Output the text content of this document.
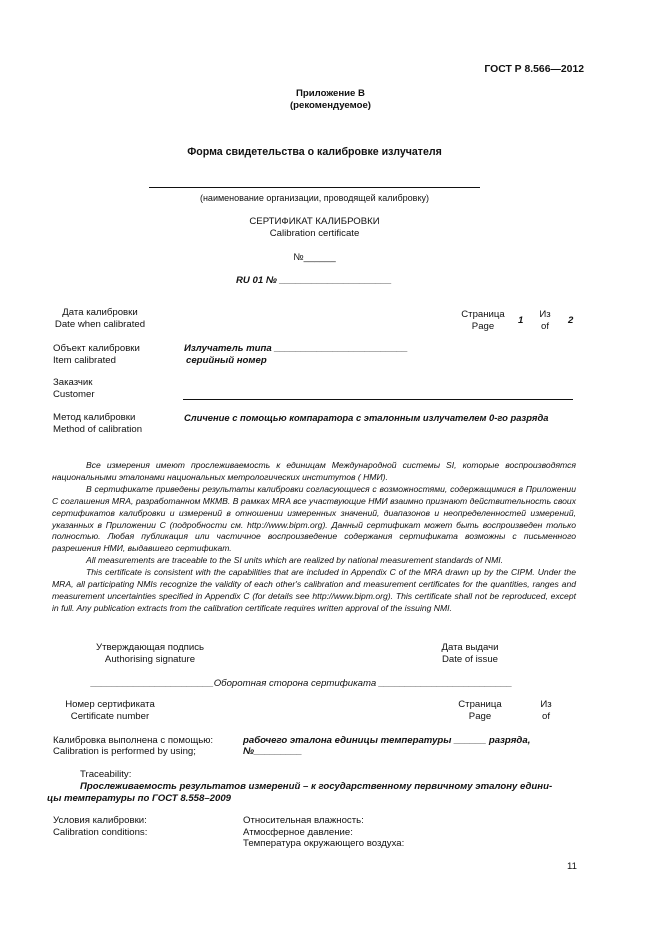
ГОСТ Р 8.566—2012
Приложение В
(рекомендуемое)
Форма свидетельства о калибровке излучателя
(наименование организации, проводящей калибровку)
СЕРТИФИКАТ КАЛИБРОВКИ
Calibration certificate
№______
RU 01 № _____________________
Дата калибровки
Date when calibrated
Страница
Page
1
Из
of
2
Объект калибровки
Item calibrated
Излучатель типа _________________________
серийный номер
Заказчик
Customer
Метод калибровки
Method of calibration
Сличение с помощью компаратора с эталонным излучателем 0-го разряда

Все измерения имеют прослеживаемость к единицам Международной системы SI, которые воспроизводятся национальными эталонами национальных метрологических институтов ( НМИ).

В сертификате приведены результаты калибровки согласующиеся с возможностями, содержащимися в Приложении С соглашения MRA, разработанном МКМВ. В рамках MRA все участвующие НМИ взаимно признают действительность своих сертификатов калибровки и измерений в отношении измеренных значений, диапазонов и неопределенностей измерений, указанных в Приложении С (подробности см. http://www.bipm.org). Данный сертификат может быть воспроизведен только полностью. Любая публикация или частичное воспроизведение содержания сертификата возможны с письменного разрешения НМИ, выдавшего сертификат.

All measurements are traceable to the SI units which are realized by national measurement standards of NMI.

This certificate is consistent with the capabilities that are included in Appendix C of the MRA drawn up by the CIPM. Under the MRA, all participating NMIs recognize the validity of each other's calibration and measurement certificates for the quantities, ranges and measurement uncertainties specified in Appendix C (for details see http://www.bipm.org). This certificate shall not be reproduced, except in full. Any publication extracts from the calibration certificate requires written approval of the issuing NMI.

Утверждающая подпись
Authorising signature
Дата выдачи
Date of issue
_______________________Оборотная сторона сертификата _________________________
Номер сертификата
Certificate number
Страница
Page
Из
of
Калибровка выполнена с помощью:
Calibration is performed by using;
рабочего эталона единицы температуры ______ разряда,
№_________
Traceability:
Прослеживаемость результатов измерений – к государственному первичному эталону едини-
цы температуры по ГОСТ 8.558–2009
Условия калибровки:
Calibration conditions:
Относительная влажность:
Атмосферное давление:
Температура окружающего воздуха:
11
